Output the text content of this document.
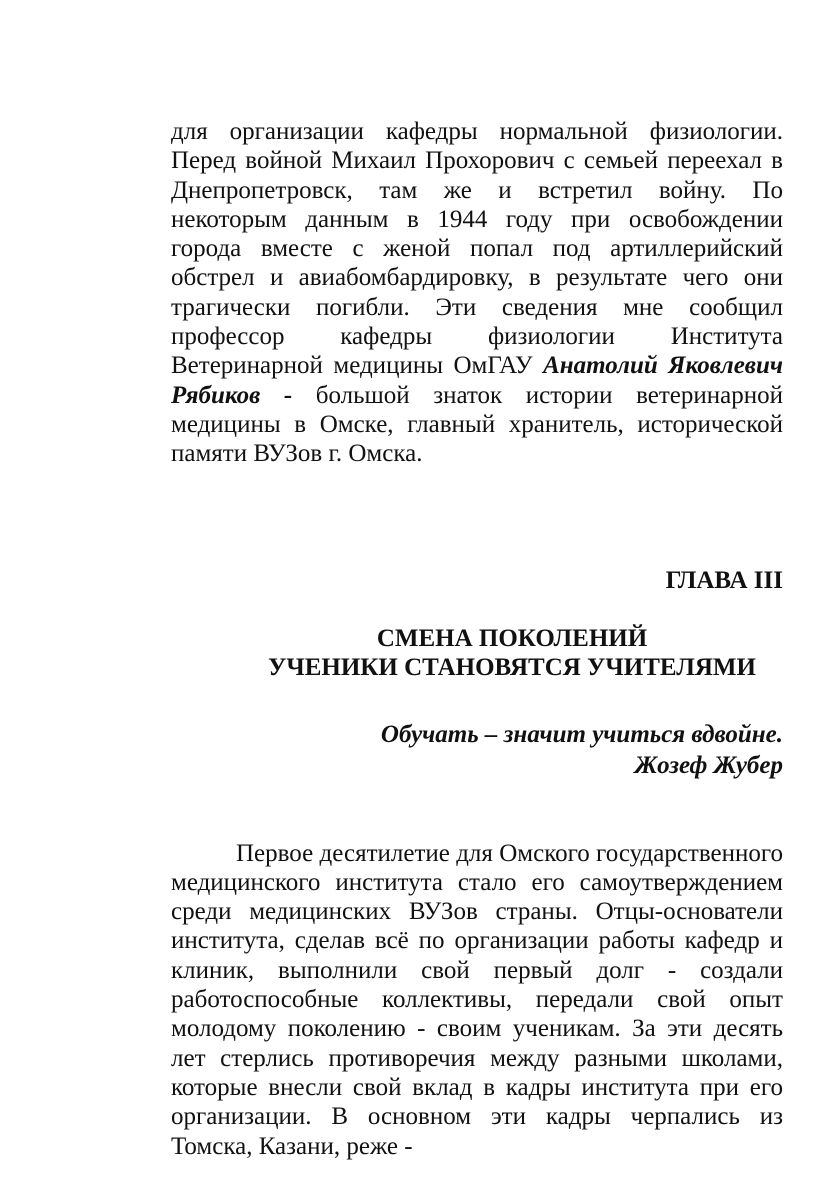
для организации кафедры нормальной физиологии. Перед войной Михаил Прохорович с семьей переехал в Днепропетровск, там же и встретил войну. По некоторым данным в 1944 году при освобождении города вместе с женой попал под артиллерийский обстрел и авиабомбардировку, в результате чего они трагически погибли. Эти сведения мне сообщил профессор кафедры физиологии Института Ветеринарной медицины ОмГАУ Анатолий Яковлевич Рябиков - большой знаток истории ветеринарной медицины в Омске, главный хранитель, исторической памяти ВУЗов г. Омска.

ГЛАВА III
СМЕНА ПОКОЛЕНИЙ
УЧЕНИКИ СТАНОВЯТСЯ УЧИТЕЛЯМИ
Обучать – значит учиться вдвойне.
Жозеф Жубер

Первое десятилетие для Омского государственного медицинского института стало его самоутверждением среди медицинских ВУЗов страны. Отцы-основатели института, сделав всё по организации работы кафедр и клиник, выполнили свой первый долг - создали работоспособные коллективы, передали свой опыт молодому поколению - своим ученикам. За эти десять лет стерлись противоречия между разными школами, которые внесли свой вклад в кадры института при его организации. В основном эти кадры черпались из Томска, Казани, реже -
